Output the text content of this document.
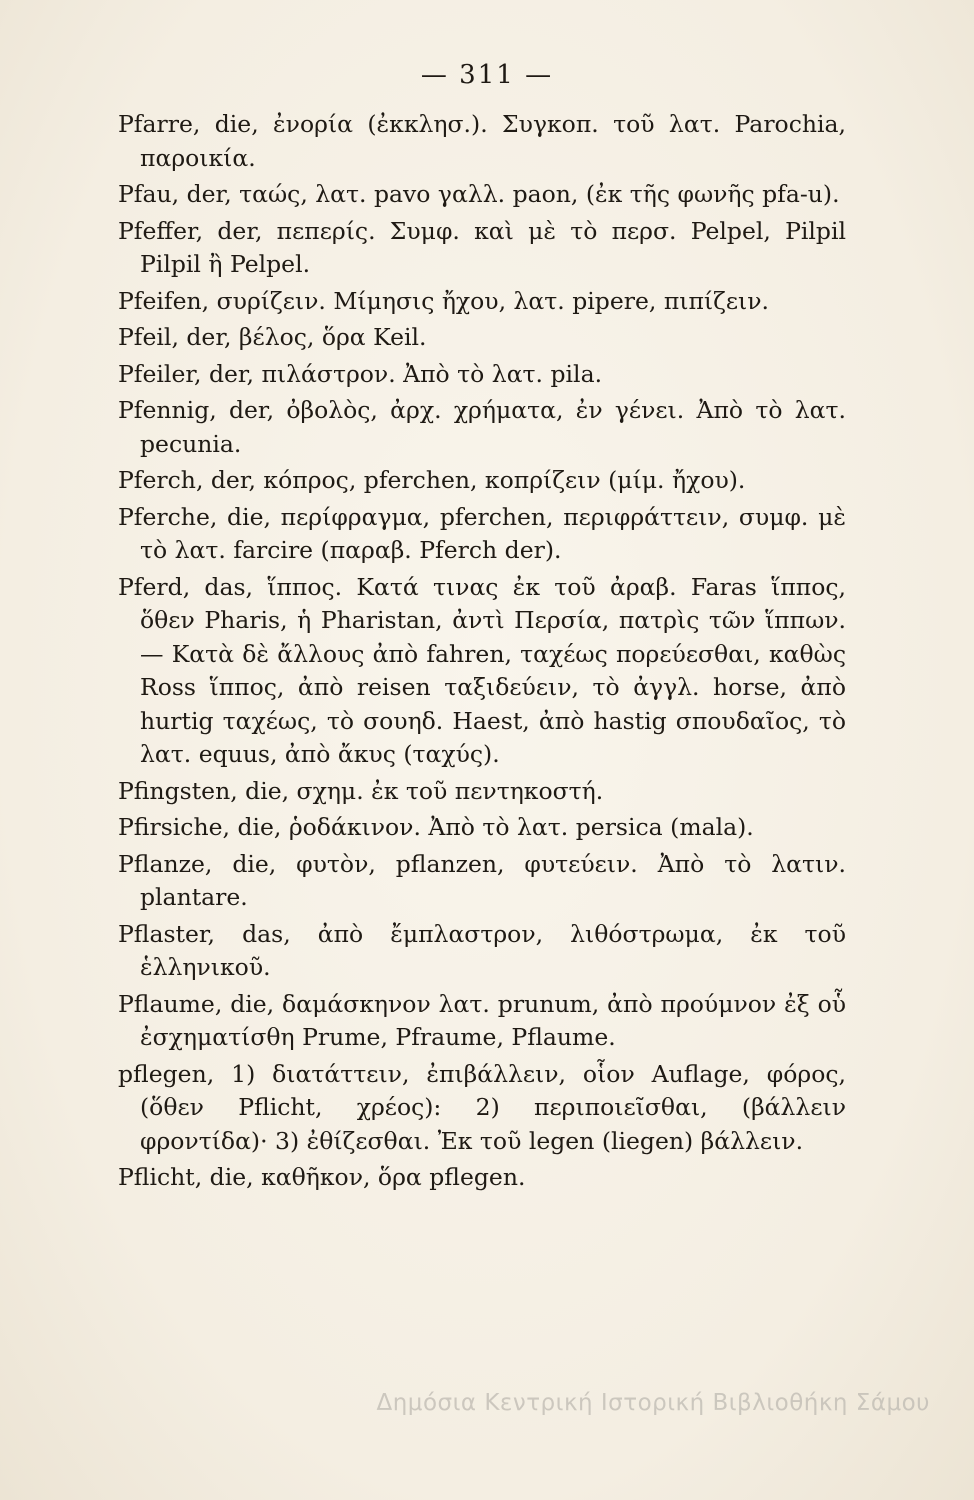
— 311 —

Pfarre, die, ἐνορία (ἐκκλησ.). Συγκοπ. τοῦ λατ. Parochia, παροικία.

Pfau, der, ταώς, λατ. pavo γαλλ. paon, (ἐκ τῆς φωνῆς pfa-u).

Pfeffer, der, πεπερίς. Συμφ. καὶ μὲ τὸ περσ. Pelpel, Pilpil Pilpil ἢ Pelpel.

Pfeifen, συρίζειν. Μίμησις ἤχου, λατ. pipere, πιπίζειν.

Pfeil, der, βέλος, ὅρα Keil.

Pfeiler, der, πιλάστρον. Ἀπὸ τὸ λατ. pila.

Pfennig, der, ὀβολὸς, ἀρχ. χρήματα, ἐν γένει. Ἀπὸ τὸ λατ. pecunia.

Pferch, der, κόπρος, pferchen, κοπρίζειν (μίμ. ἤχου).

Pferche, die, περίφραγμα, pferchen, περιφράττειν, συμφ. μὲ τὸ λατ. farcire (παραβ. Pferch der).

Pferd, das, ἵππος. Κατά τινας ἐκ τοῦ ἀραβ. Faras ἵππος, ὅθεν Pharis, ἡ Pharistan, ἀντὶ Περσία, πατρὶς τῶν ἵππων. — Κατὰ δὲ ἄλλους ἀπὸ fahren, ταχέως πορεύεσθαι, καθὼς Ross ἵππος, ἀπὸ reisen ταξιδεύειν, τὸ ἀγγλ. horse, ἀπὸ hurtig ταχέως, τὸ σουηδ. Haest, ἀπὸ hastig σπουδαῖος, τὸ λατ. equus, ἀπὸ ἄκυς (ταχύς).

Pfingsten, die, σχημ. ἐκ τοῦ πεντηκοστή.

Pfirsiche, die, ῥοδάκινον. Ἀπὸ τὸ λατ. persica (mala).

Pflanze, die, φυτὸν, pflanzen, φυτεύειν. Ἀπὸ τὸ λατιν. plantare.

Pflaster, das, ἀπὸ ἔμπλαστρον, λιθόστρωμα, ἐκ τοῦ ἑλληνικοῦ.

Pflaume, die, δαμάσκηνον λατ. prunum, ἀπὸ προύμνον ἐξ οὗ ἐσχηματίσθη Prume, Pfraume, Pflaume.

pflegen, 1) διατάττειν, ἐπιβάλλειν, οἷον Auflage, φόρος, (ὅθεν Pflicht, χρέος): 2) περιποιεῖσθαι, (βάλλειν φροντίδα)· 3) ἐθίζεσθαι. Ἐκ τοῦ legen (liegen) βάλλειν.

Pflicht, die, καθῆκον, ὅρα pflegen.

Δημόσια Κεντρική Ιστορική Βιβλιοθήκη Σάμου
